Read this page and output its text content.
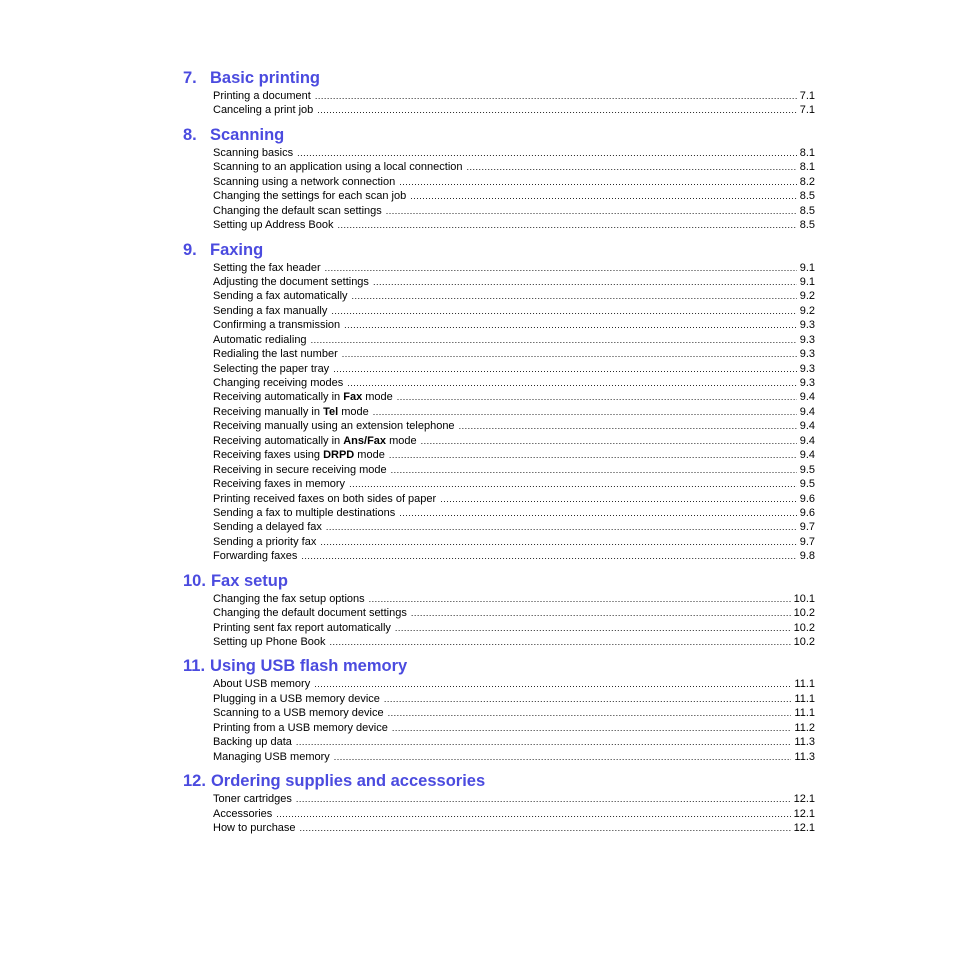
7. Basic printing
Printing a document .....	7.1
Canceling a print job .....	7.1
8. Scanning
Scanning basics .....	8.1
Scanning to an application using a local connection .....	8.1
Scanning using a network connection .....	8.2
Changing the settings for each scan job .....	8.5
Changing the default scan settings .....	8.5
Setting up Address Book .....	8.5
9. Faxing
Setting the fax header .....	9.1
Adjusting the document settings .....	9.1
Sending a fax automatically .....	9.2
Sending a fax manually .....	9.2
Confirming a transmission .....	9.3
Automatic redialing .....	9.3
Redialing the last number .....	9.3
Selecting the paper tray .....	9.3
Changing receiving modes .....	9.3
Receiving automatically in Fax mode .....	9.4
Receiving manually in Tel mode .....	9.4
Receiving manually using an extension telephone .....	9.4
Receiving automatically in Ans/Fax mode .....	9.4
Receiving faxes using DRPD mode .....	9.4
Receiving in secure receiving mode .....	9.5
Receiving faxes in memory .....	9.5
Printing received faxes on both sides of paper .....	9.6
Sending a fax to multiple destinations .....	9.6
Sending a delayed fax .....	9.7
Sending a priority fax .....	9.7
Forwarding faxes .....	9.8
10. Fax setup
Changing the fax setup options .....	10.1
Changing the default document settings .....	10.2
Printing sent fax report automatically .....	10.2
Setting up Phone Book .....	10.2
11. Using USB flash memory
About USB memory .....	11.1
Plugging in a USB memory device .....	11.1
Scanning to a USB memory device .....	11.1
Printing from a USB memory device .....	11.2
Backing up data .....	11.3
Managing USB memory .....	11.3
12. Ordering supplies and accessories
Toner cartridges .....	12.1
Accessories .....	12.1
How to purchase .....	12.1
